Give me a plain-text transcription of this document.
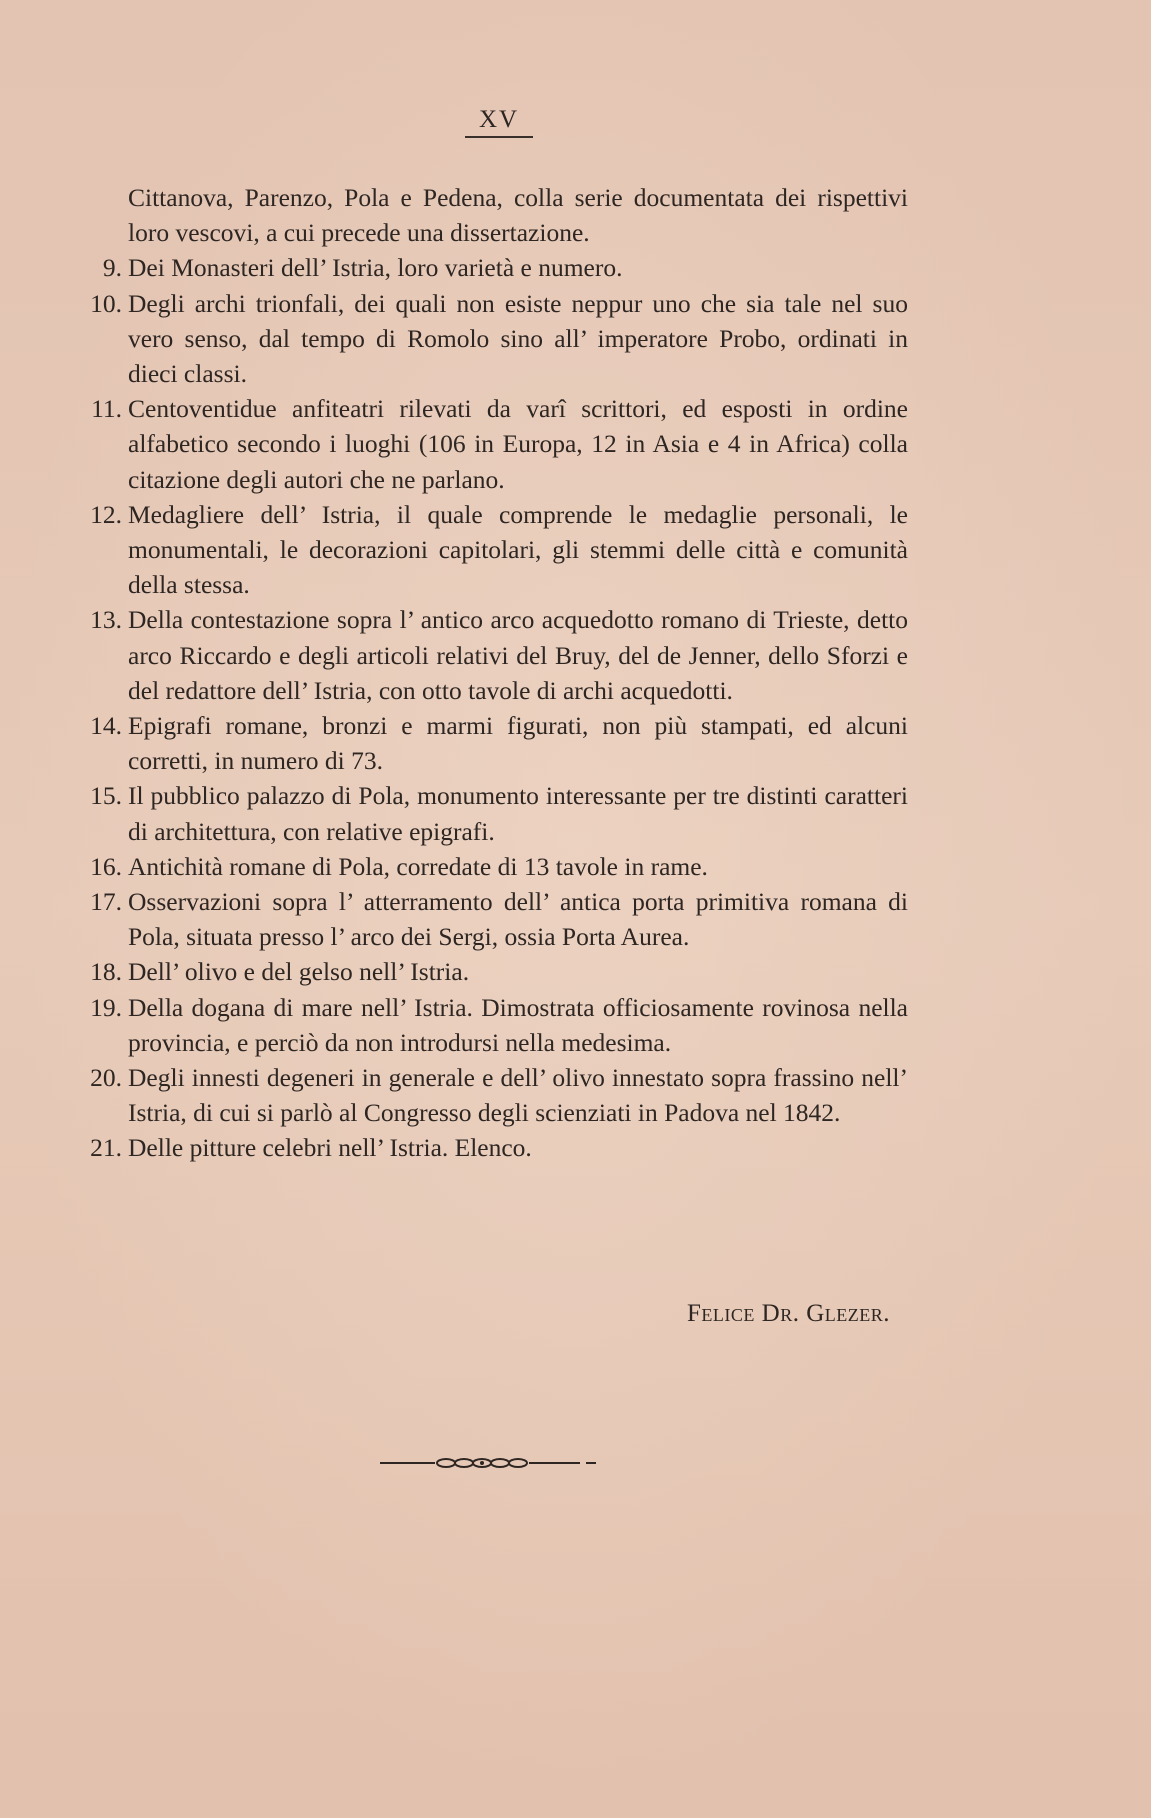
XV
Cittanova, Parenzo, Pola e Pedena, colla serie documentata dei rispettivi loro vescovi, a cui precede una dissertazione.
9. Dei Monasteri dell’ Istria, loro varietà e numero.
10. Degli archi trionfali, dei quali non esiste neppur uno che sia tale nel suo vero senso, dal tempo di Romolo sino all’ imperatore Probo, ordinati in dieci classi.
11. Centoventidue anfiteatri rilevati da varî scrittori, ed esposti in ordine alfabetico secondo i luoghi (106 in Europa, 12 in Asia e 4 in Africa) colla citazione degli autori che ne parlano.
12. Medagliere dell’ Istria, il quale comprende le medaglie personali, le monumentali, le decorazioni capitolari, gli stemmi delle città e comunità della stessa.
13. Della contestazione sopra l’ antico arco acquedotto romano di Trieste, detto arco Riccardo e degli articoli relativi del Bruy, del de Jenner, dello Sforzi e del redattore dell’ Istria, con otto tavole di archi acquedotti.
14. Epigrafi romane, bronzi e marmi figurati, non più stampati, ed alcuni corretti, in numero di 73.
15. Il pubblico palazzo di Pola, monumento interessante per tre distinti caratteri di architettura, con relative epigrafi.
16. Antichità romane di Pola, corredate di 13 tavole in rame.
17. Osservazioni sopra l’ atterramento dell’ antica porta primitiva romana di Pola, situata presso l’ arco dei Sergi, ossia Porta Aurea.
18. Dell’ olivo e del gelso nell’ Istria.
19. Della dogana di mare nell’ Istria. Dimostrata officiosamente rovinosa nella provincia, e perciò da non introdursi nella medesima.
20. Degli innesti degeneri in generale e dell’ olivo innestato sopra frassino nell’ Istria, di cui si parlò al Congresso degli scienziati in Padova nel 1842.
21. Delle pitture celebri nell’ Istria. Elenco.
Felice Dr. Glezer.
